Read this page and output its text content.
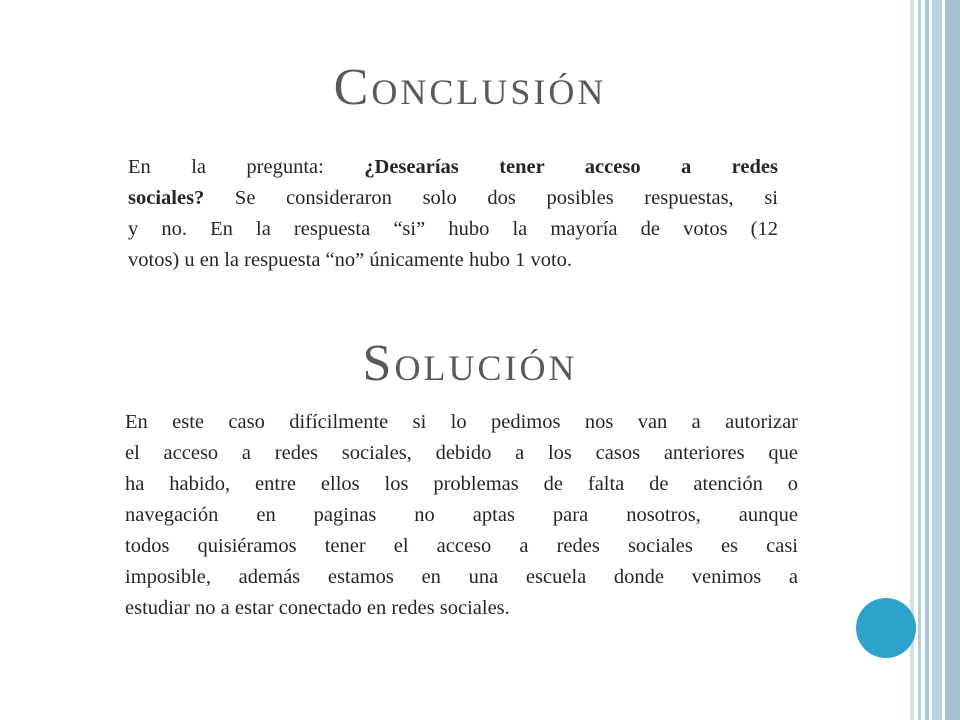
Conclusión
En la pregunta: ¿Desearías tener acceso a redes
sociales? Se consideraron solo dos posibles respuestas, si
y no. En la respuesta “si” hubo la mayoría de votos (12
votos) u en la respuesta “no” únicamente hubo 1 voto.
Solución
En este caso difícilmente si lo pedimos nos van a autorizar
el acceso a redes sociales, debido a los casos anteriores que
ha habido, entre ellos los problemas de falta de atención o
navegación en paginas no aptas para nosotros, aunque
todos quisiéramos tener el acceso a redes sociales es casi
imposible, además estamos en una escuela donde venimos a
estudiar no a estar conectado en redes sociales.
